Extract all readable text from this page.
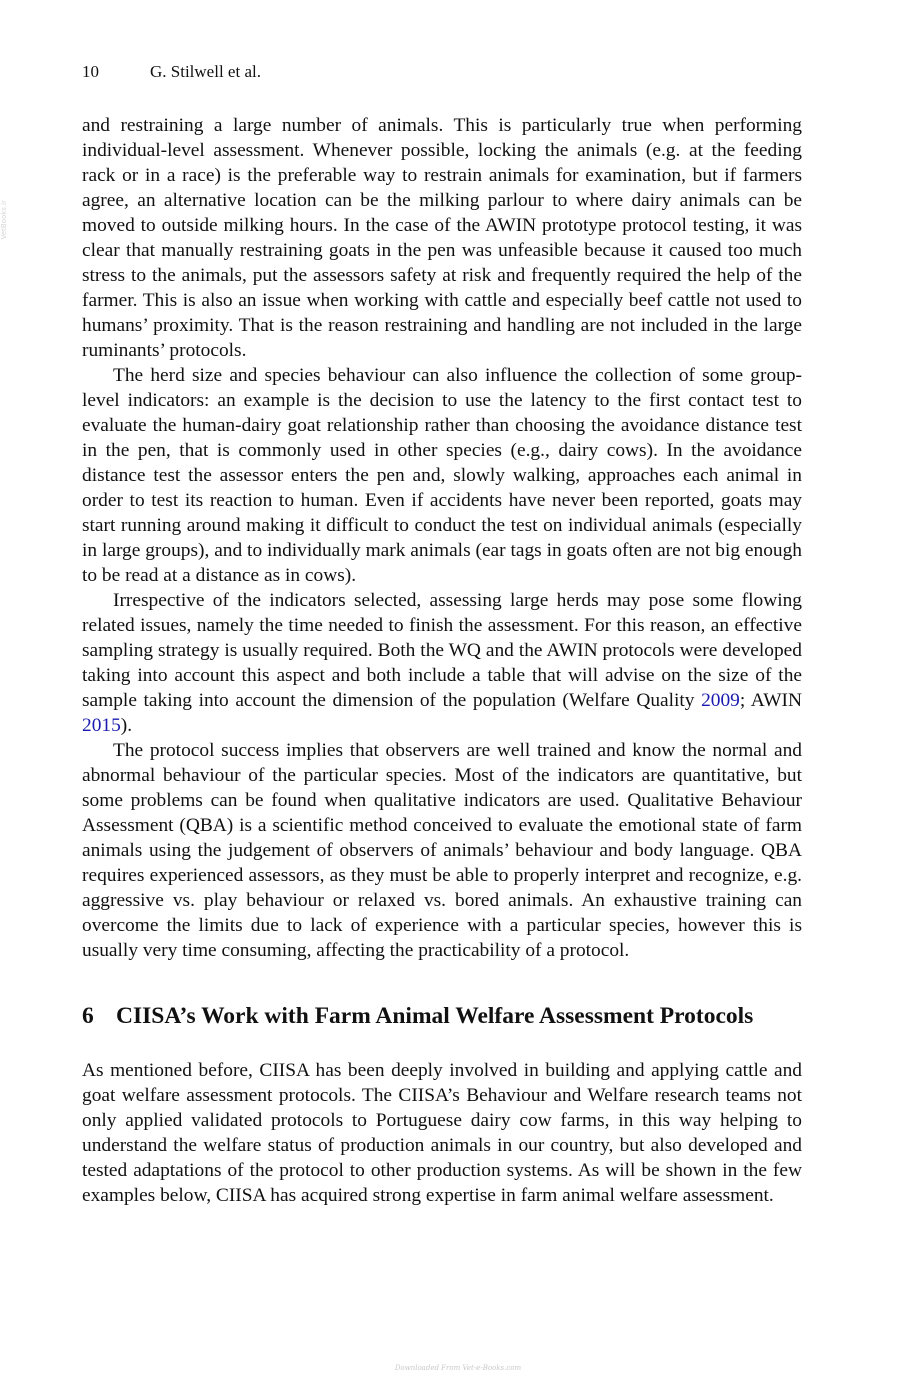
10	G. Stilwell et al.
VetBooks.ir

and restraining a large number of animals. This is particularly true when performing individual-level assessment. Whenever possible, locking the animals (e.g. at the feeding rack or in a race) is the preferable way to restrain animals for examination, but if farmers agree, an alternative location can be the milking parlour to where dairy animals can be moved to outside milking hours. In the case of the AWIN prototype protocol testing, it was clear that manually restraining goats in the pen was unfeasible because it caused too much stress to the animals, put the assessors safety at risk and frequently required the help of the farmer. This is also an issue when working with cattle and especially beef cattle not used to humans’ proximity. That is the reason restraining and handling are not included in the large ruminants’ protocols.

The herd size and species behaviour can also influence the collection of some group-level indicators: an example is the decision to use the latency to the first contact test to evaluate the human-dairy goat relationship rather than choosing the avoidance distance test in the pen, that is commonly used in other species (e.g., dairy cows). In the avoidance distance test the assessor enters the pen and, slowly walking, approaches each animal in order to test its reaction to human. Even if accidents have never been reported, goats may start running around making it difficult to conduct the test on individual animals (especially in large groups), and to individually mark animals (ear tags in goats often are not big enough to be read at a distance as in cows).

Irrespective of the indicators selected, assessing large herds may pose some flowing related issues, namely the time needed to finish the assessment. For this reason, an effective sampling strategy is usually required. Both the WQ and the AWIN protocols were developed taking into account this aspect and both include a table that will advise on the size of the sample taking into account the dimension of the population (Welfare Quality 2009; AWIN 2015).

The protocol success implies that observers are well trained and know the normal and abnormal behaviour of the particular species. Most of the indicators are quantitative, but some problems can be found when qualitative indicators are used. Qualitative Behaviour Assessment (QBA) is a scientific method conceived to evaluate the emotional state of farm animals using the judgement of observers of animals’ behaviour and body language. QBA requires experienced assessors, as they must be able to properly interpret and recognize, e.g. aggressive vs. play behaviour or relaxed vs. bored animals. An exhaustive training can overcome the limits due to lack of experience with a particular species, however this is usually very time consuming, affecting the practicability of a protocol.

6 CIISA’s Work with Farm Animal Welfare Assessment Protocols

As mentioned before, CIISA has been deeply involved in building and applying cattle and goat welfare assessment protocols. The CIISA’s Behaviour and Welfare research teams not only applied validated protocols to Portuguese dairy cow farms, in this way helping to understand the welfare status of production animals in our country, but also developed and tested adaptations of the protocol to other production systems. As will be shown in the few examples below, CIISA has acquired strong expertise in farm animal welfare assessment.

Downloaded From Vet-e-Books.com
